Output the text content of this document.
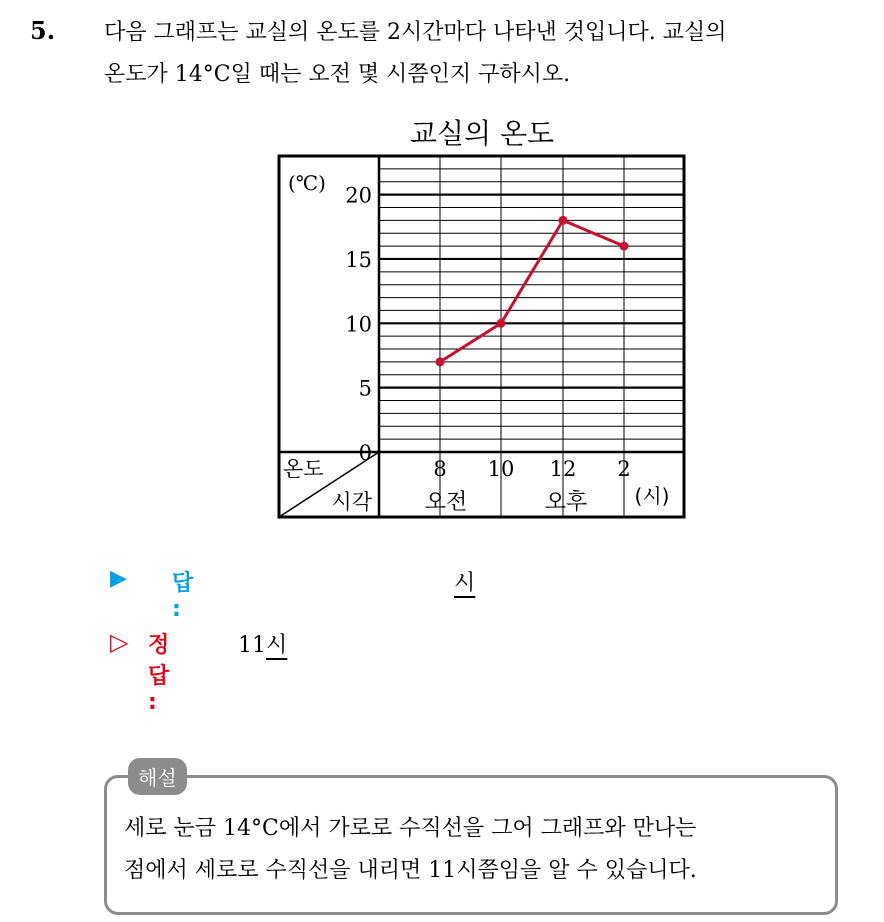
5. 다음 그래프는 교실의 온도를 2시간마다 나타낸 것입니다. 교실의
온도가 14°C일 때는 오전 몇 시쯤인지 구하시오.
교실의 온도
(℃)
0
5
10
15
20
온도
시각
8 10 12 2
오전	오후 (시)
▶ 답 :
시
▷ 정답 :
11시
해설
세로 눈금 14°C에서 가로로 수직선을 그어 그래프와 만나는
점에서 세로로 수직선을 내리면 11시쯤임을 알 수 있습니다.
